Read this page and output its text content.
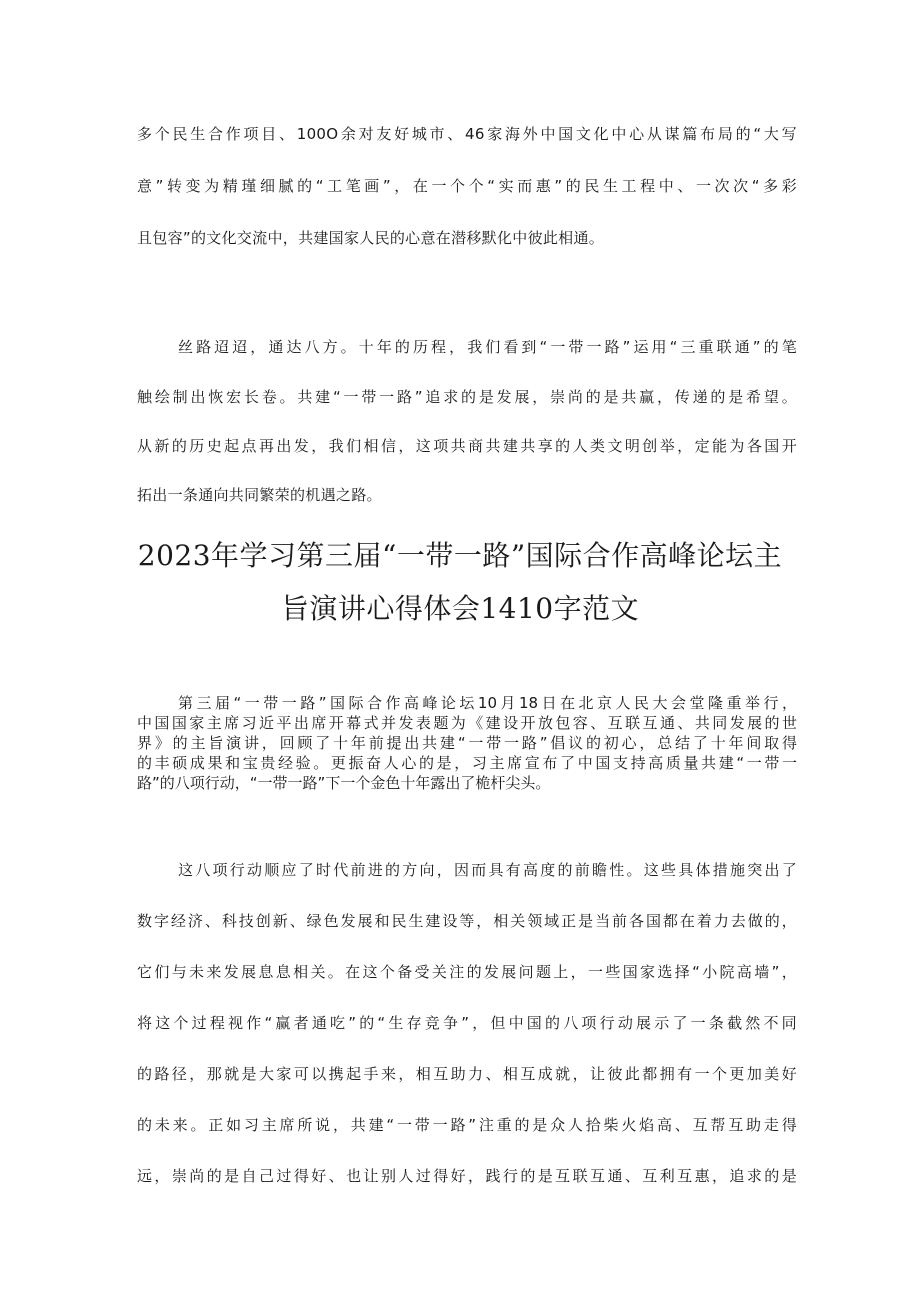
多个民生合作项目、100O余对友好城市、46家海外中国文化中心从谋篇布局的“大写
意”转变为精瑾细腻的“工笔画”，在一个个“实而惠”的民生工程中、一次次“多彩
且包容”的文化交流中，共建国家人民的心意在潜移默化中彼此相通。
丝路迢迢，通达八方。十年的历程，我们看到“一带一路”运用“三重联通”的笔
触绘制出恢宏长卷。共建“一带一路”追求的是发展，崇尚的是共赢，传递的是希望。
从新的历史起点再出发，我们相信，这项共商共建共享的人类文明创举，定能为各国开
拓出一条通向共同繁荣的机遇之路。
2023年学习第三届“一带一路”国际合作高峰论坛主
旨演讲心得体会1410字范文
第三届“一带一路”国际合作高峰论坛10月18日在北京人民大会堂隆重举行，
中国国家主席习近平出席开幕式并发表题为《建设开放包容、互联互通、共同发展的世
界》的主旨演讲，回顾了十年前提出共建“一带一路”倡议的初心，总结了十年间取得
的丰硕成果和宝贵经验。更振奋人心的是，习主席宣布了中国支持高质量共建“一带一
路”的八项行动，“一带一路”下一个金色十年露出了桅杆尖头。
这八项行动顺应了时代前进的方向，因而具有高度的前瞻性。这些具体措施突出了
数字经济、科技创新、绿色发展和民生建设等，相关领域正是当前各国都在着力去做的，
它们与未来发展息息相关。在这个备受关注的发展问题上，一些国家选择“小院高墙”，
将这个过程视作“赢者通吃”的“生存竞争”，但中国的八项行动展示了一条截然不同
的路径，那就是大家可以携起手来，相互助力、相互成就，让彼此都拥有一个更加美好
的未来。正如习主席所说，共建“一带一路”注重的是众人拾柴火焰高、互帮互助走得
远，崇尚的是自己过得好、也让别人过得好，践行的是互联互通、互利互惠，追求的是
